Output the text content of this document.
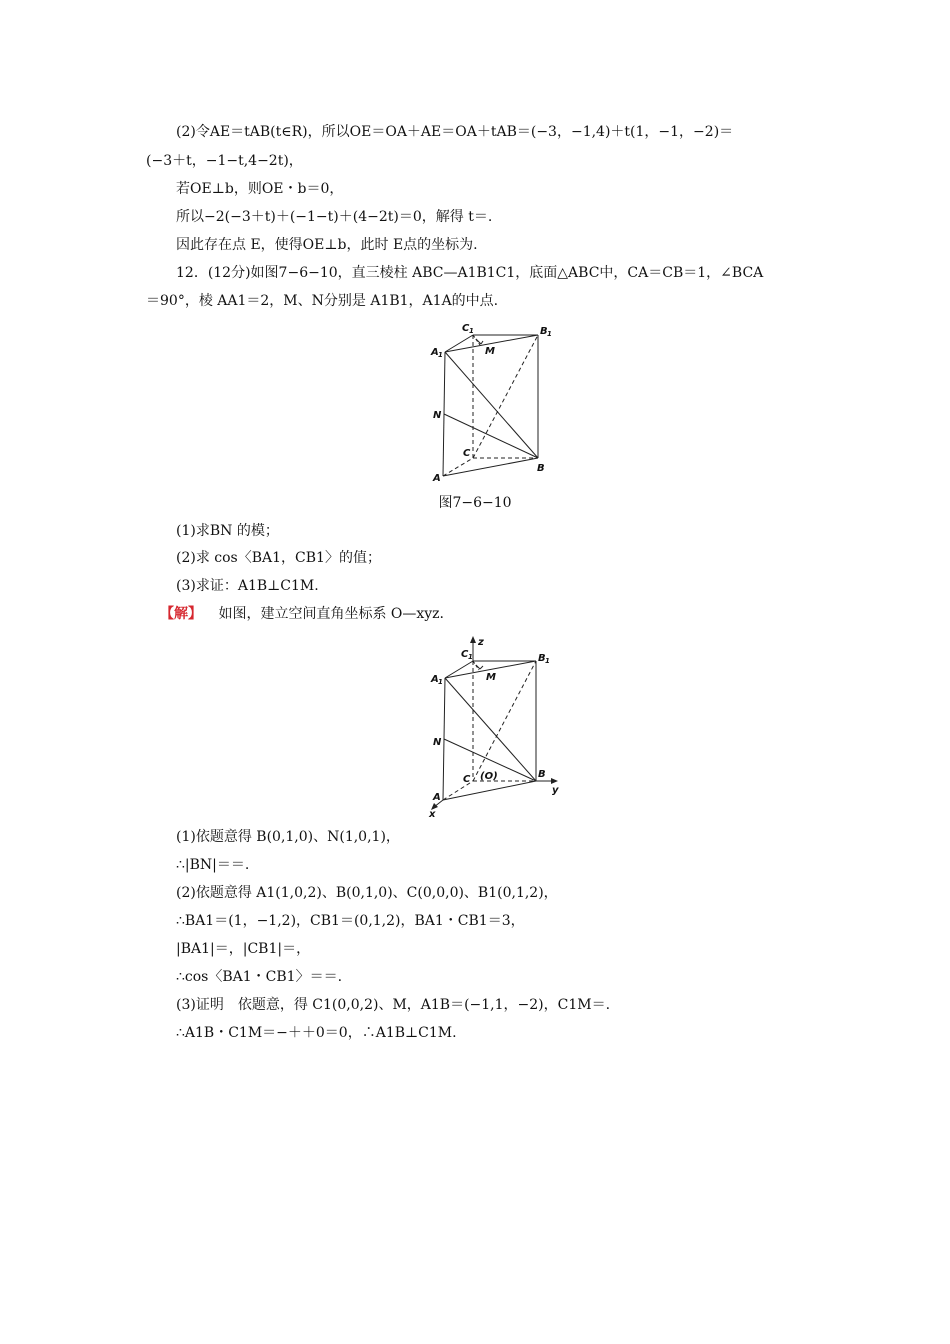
(2)令AE＝tAB(t∈R)，所以OE＝OA＋AE＝OA＋tAB＝(−3，−1,4)＋t(1，−1，−2)＝
(−3＋t，−1−t,4−2t)，
若OE⊥b，则OE・b＝0，
所以−2(−3＋t)＋(−1−t)＋(4−2t)＝0，解得 t＝.
因此存在点 E，使得OE⊥b，此时 E点的坐标为.
12．(12分)如图7−6−10，直三棱柱 ABC—A1B1C1，底面△ABC中，CA＝CB＝1，∠BCA
＝90°，棱 AA1＝2，M、N分别是 A1B1，A1A的中点.
C 1	B 1
A 1	M
N
C
B
A
图7−6−10
(1)求BN 的模；
(2)求 cos〈BA1，CB1〉的值；
(3)求证：A1B⊥C1M.
【解】 如图，建立空间直角坐标系 O—xyz.
z
C 1	B 1
A 1	M
N
C (O)	B
y
A
x
(1)依题意得 B(0,1,0)、N(1,0,1)，
∴|BN|＝＝.
(2)依题意得 A1(1,0,2)、B(0,1,0)、C(0,0,0)、B1(0,1,2)，
∴BA1＝(1，−1,2)，CB1＝(0,1,2)，BA1・CB1＝3，
|BA1|＝，|CB1|＝，
∴cos〈BA1・CB1〉＝＝.
(3)证明　依题意，得 C1(0,0,2)、M，A1B＝(−1,1，−2)，C1M＝.
∴A1B・C1M＝−＋＋0＝0，∴A1B⊥C1M.
